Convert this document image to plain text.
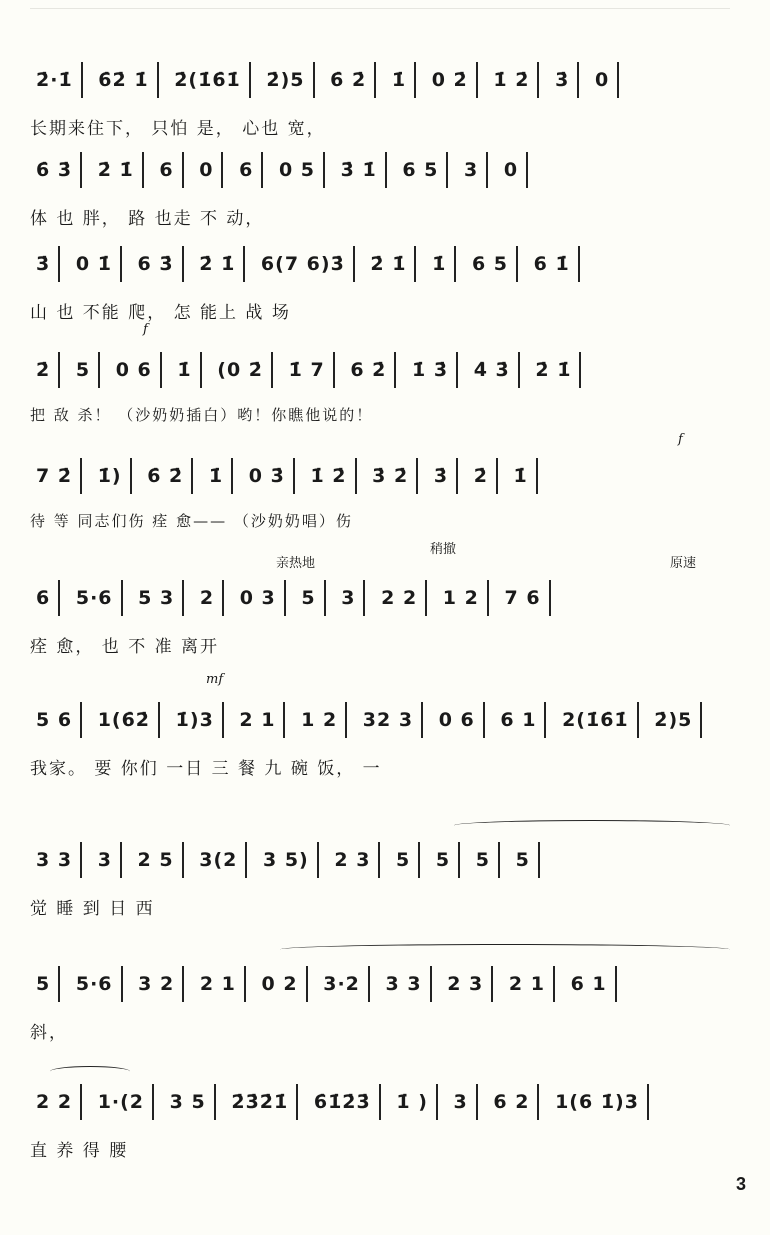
2̇·1̇ 6̇2̇ 1̇ 2̇(1̇6̇1̇ 2̇)5 6̇ 2̇ 1̇ 0 2̇ 1̇ 2̇ 3̇ 0
长期来住下， 只怕 是， 心也 宽，
6̇ 3̇ 2̇ 1̇ 6 0 6 0 5 3̇ 1̇ 6 5 3 0
体 也 胖， 路 也走 不 动，
3̇ 0 1̇ 6 3̇ 2̇ 1̇ 6(7 6)3̇ 2̇ 1̇ 1̇ 6 5 6 1̇
山 也 不能 爬， 怎 能上 战 场
f
2̇ 5 0 6 1̇ (0 2̇ 1̇ 7 6 2̇ 1̇ 3̇ 4̇ 3̇ 2̇ 1̇
把 敌 杀！ （沙奶奶插白）哟！你瞧他说的！
f
7 2̇ 1̇) 6̇ 2̇ 1̇ 0 3̇ 1̇ 2̇ 3̇ 2̇ 3̇ 2̇ 1̇
待 等 同志们伤 痊 愈—— （沙奶奶唱）伤
亲热地
稍撤
原速
6 5·6 5 3 2 0 3 5 3 2 2 1 2 7 6
痊 愈， 也 不 准 离开
mf
5 6 1(6̇2̇ 1̇)3 2 1 1 2 32 3 0 6 6 1 2(1̇6̇1̇ 2̇)5
我家。 要 你们 一日 三 餐 九 碗 饭， 一
3 3 3 2 5 3(2 3 5) 2 3 5 5 5 5
觉 睡 到 日 西
5 5·6 3 2 2 1 0 2 3·2 3 3 2 3 2 1 6 1
斜，
2 2 1·(2 3 5 2̇3̇2̇1̇ 6̇1̇2̇3̇ 1̇ ) 3 6 2 1(6 1̇)3
直 养 得 腰
3
